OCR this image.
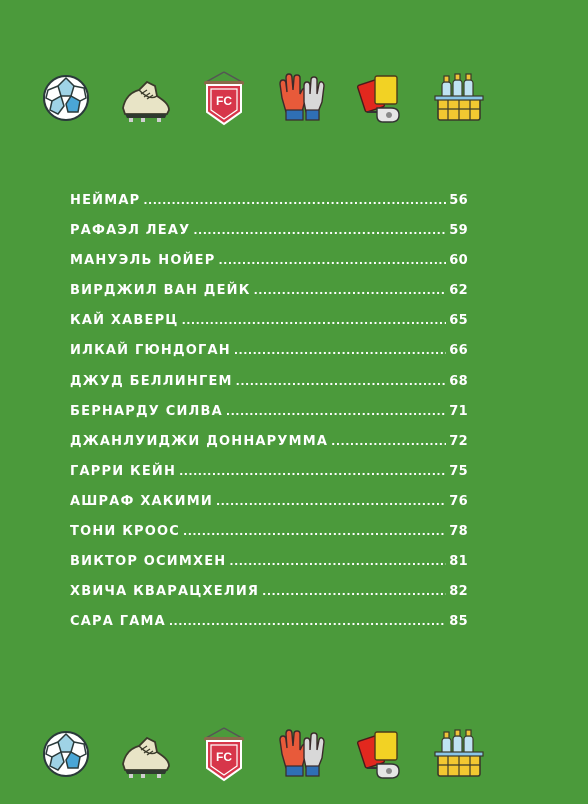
FC
НЕЙМАР .....	56
РАФАЭЛ ЛЕАУ .....	59
МАНУЭЛЬ НОЙЕР .....	60
ВИРДЖИЛ ВАН ДЕЙК .....	62
КАЙ ХАВЕРЦ .....	65
ИЛКАЙ ГЮНДОГАН .....	66
ДЖУД БЕЛЛИНГЕМ .....	68
БЕРНАРДУ СИЛВА .....	71
ДЖАНЛУИДЖИ ДОННАРУММА .....	72
ГАРРИ КЕЙН .....	75
АШРАФ ХАКИМИ .....	76
ТОНИ КРООС .....	78
ВИКТОР ОСИМХЕН .....	81
ХВИЧА КВАРАЦХЕЛИЯ .....	82
САРА ГАМА .....	85
FC
